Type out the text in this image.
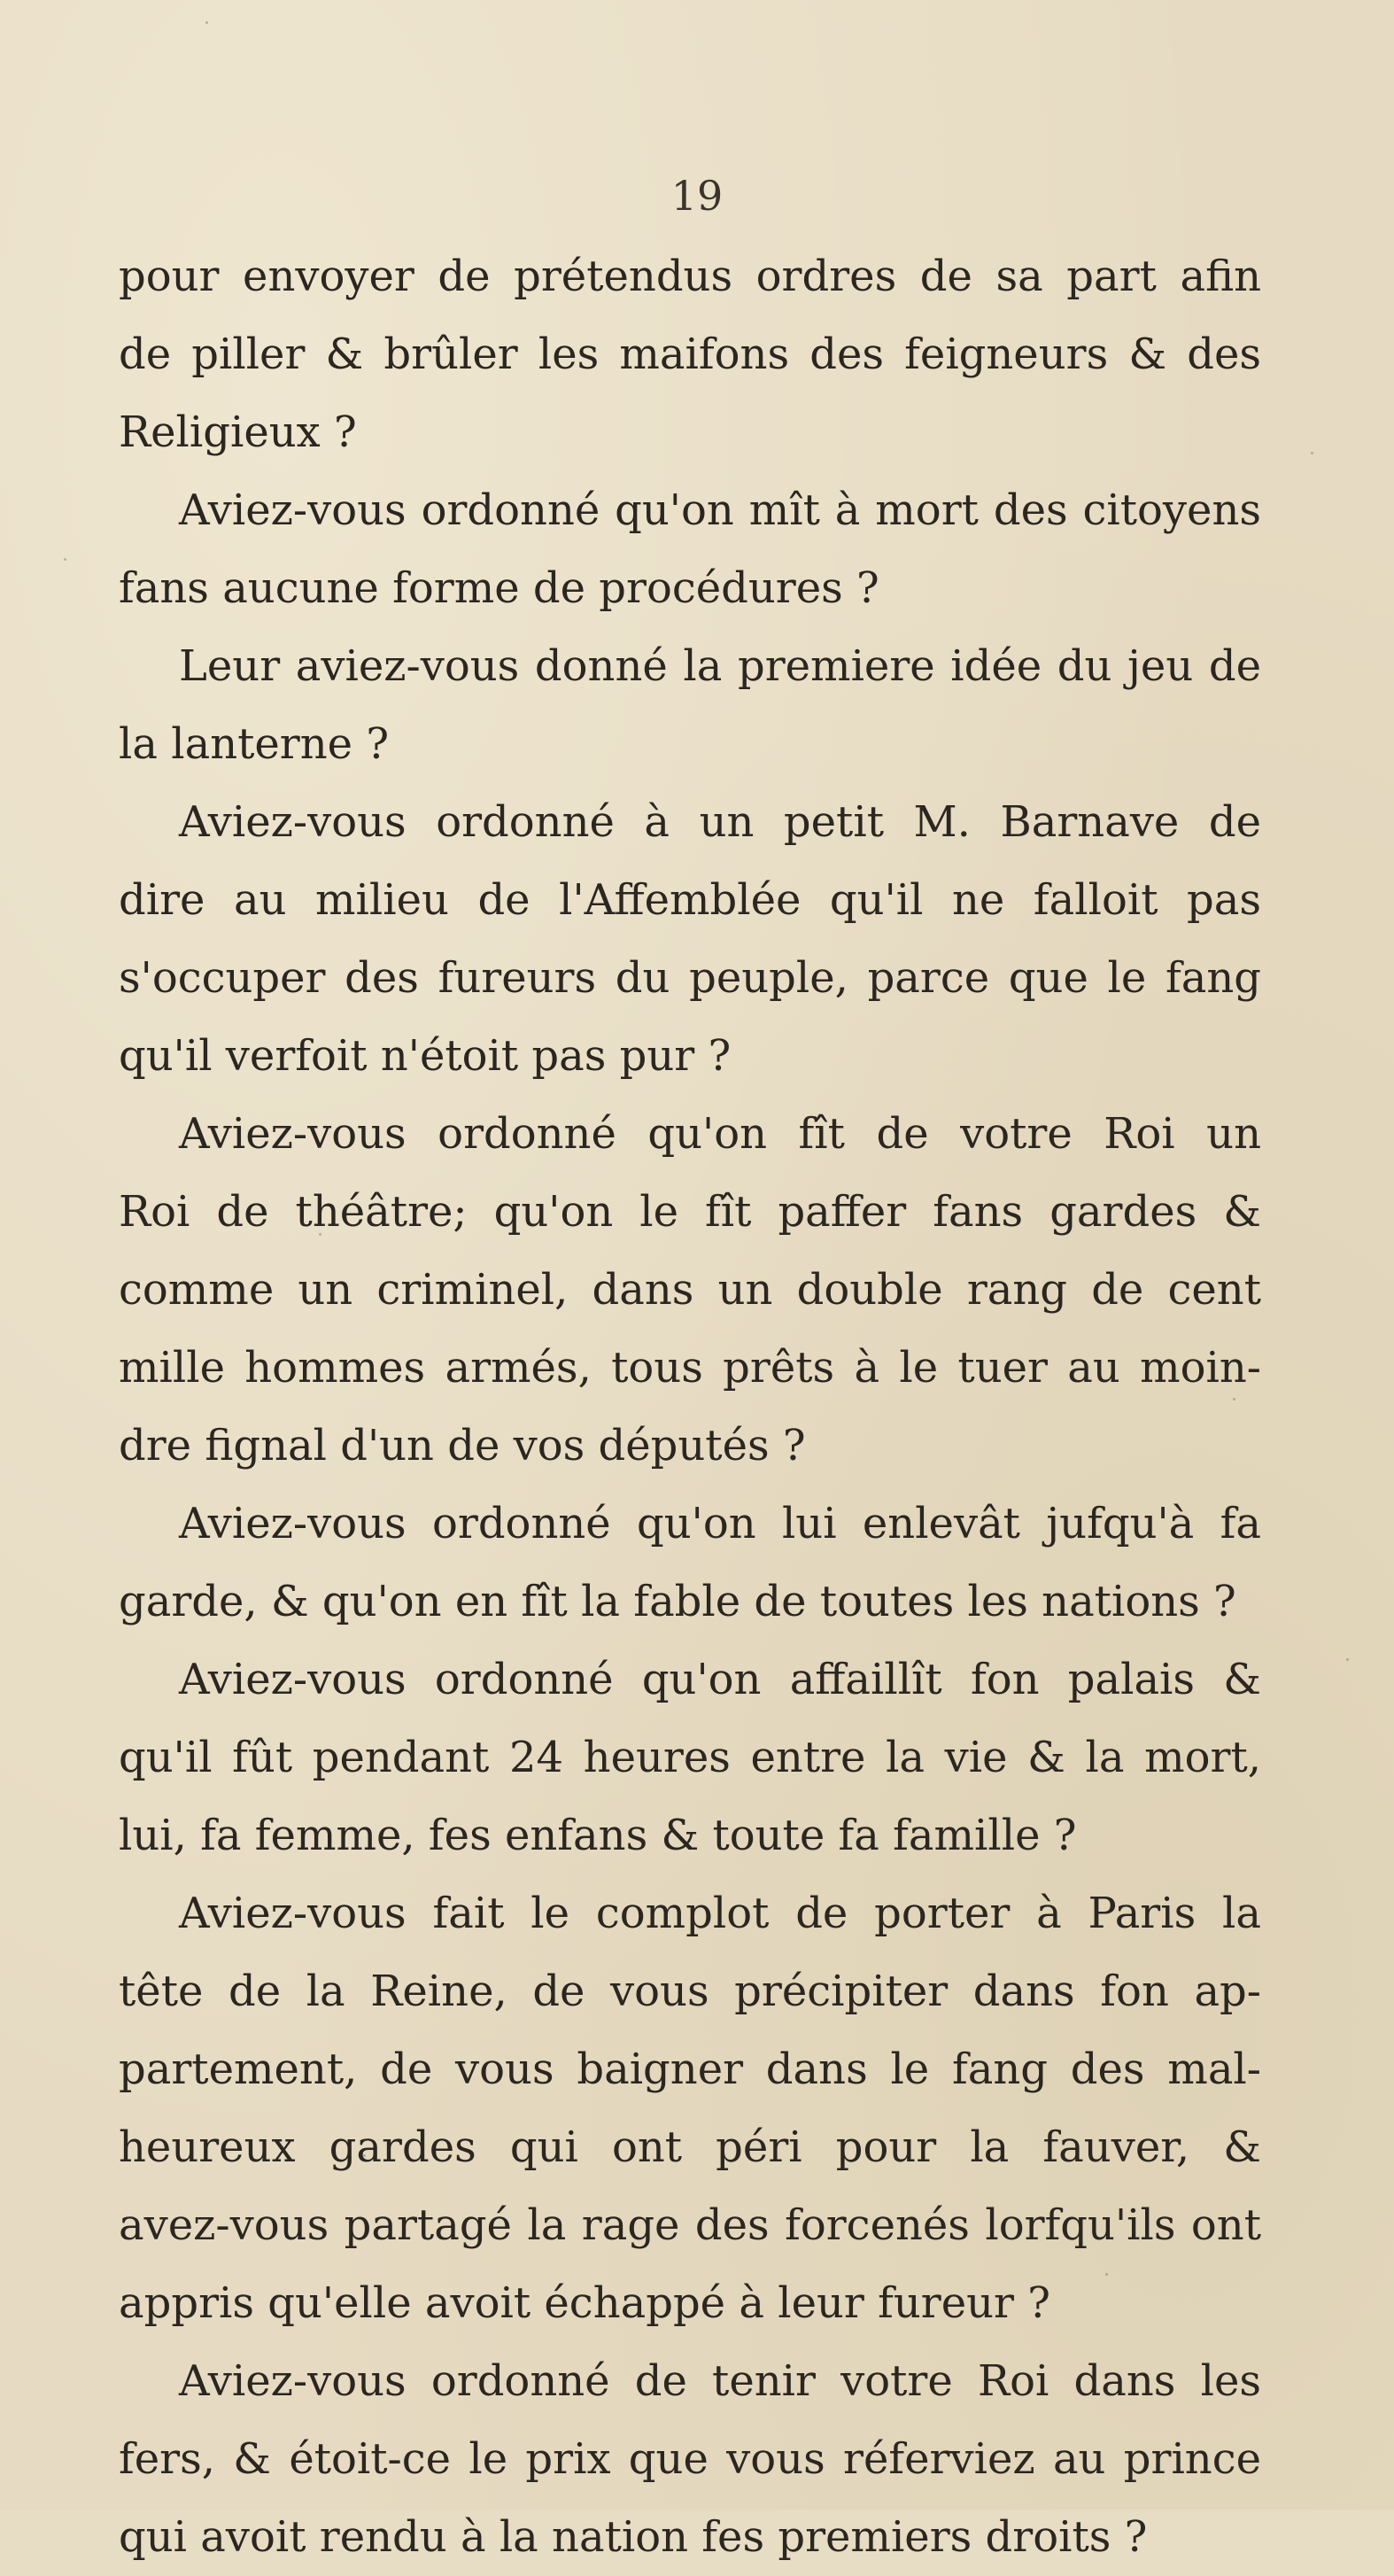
19
pour envoyer de prétendus ordres de sa part afin
de piller & brûler les maifons des feigneurs & des
Religieux ?
Aviez-vous ordonné qu'on mît à mort des citoyens
fans aucune forme de procédures ?
Leur aviez-vous donné la premiere idée du jeu de
la lanterne ?
Aviez-vous ordonné à un petit M. Barnave de
dire au milieu de l'Affemblée qu'il ne falloit pas
s'occuper des fureurs du peuple, parce que le fang
qu'il verfoit n'étoit pas pur ?
Aviez-vous ordonné qu'on fît de votre Roi un
Roi de théâtre; qu'on le fît paffer fans gardes &
comme un criminel, dans un double rang de cent
mille hommes armés, tous prêts à le tuer au moin-
dre fignal d'un de vos députés ?
Aviez-vous ordonné qu'on lui enlevât jufqu'à fa
garde, & qu'on en fît la fable de toutes les nations ?
Aviez-vous ordonné qu'on affaillît fon palais &
qu'il fût pendant 24 heures entre la vie & la mort,
lui, fa femme, fes enfans & toute fa famille ?
Aviez-vous fait le complot de porter à Paris la
tête de la Reine, de vous précipiter dans fon ap-
partement, de vous baigner dans le fang des mal-
heureux gardes qui ont péri pour la fauver, &
avez-vous partagé la rage des forcenés lorfqu'ils ont
appris qu'elle avoit échappé à leur fureur ?
Aviez-vous ordonné de tenir votre Roi dans les
fers, & étoit-ce le prix que vous réferviez au prince
qui avoit rendu à la nation fes premiers droits ?
